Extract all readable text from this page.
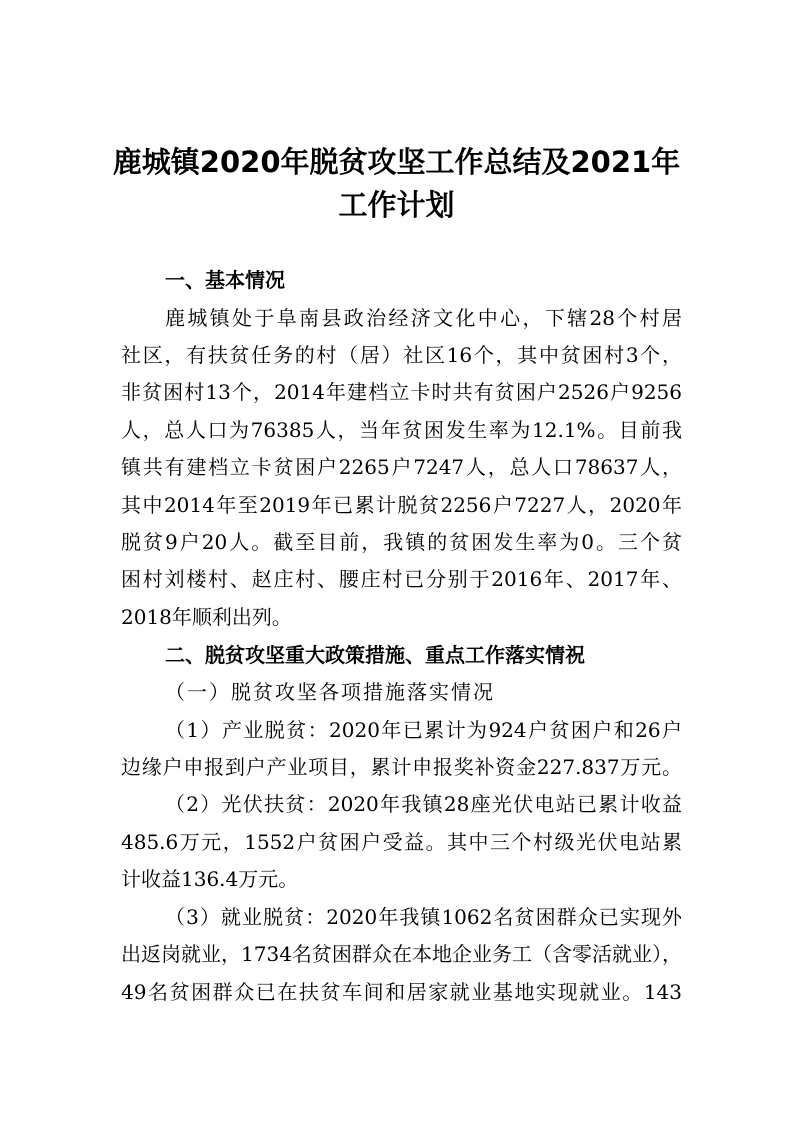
鹿城镇2020年脱贫攻坚工作总结及2021年
工作计划
一、基本情况
鹿城镇处于阜南县政治经济文化中心，下辖28个村居
社区，有扶贫任务的村（居）社区16个，其中贫困村3个，
非贫困村13个，2014年建档立卡时共有贫困户2526户9256
人，总人口为76385人，当年贫困发生率为12.1%。目前我
镇共有建档立卡贫困户2265户7247人，总人口78637人，
其中2014年至2019年已累计脱贫2256户7227人，2020年
脱贫9户20人。截至目前，我镇的贫困发生率为0。三个贫
困村刘楼村、赵庄村、腰庄村已分别于2016年、2017年、
2018年顺利出列。
二、脱贫攻坚重大政策措施、重点工作落实情祝
（一）脱贫攻坚各项措施落实情况
（1）产业脱贫：2020年已累计为924户贫困户和26户
边缘户申报到户产业项目，累计申报奖补资金227.837万元。
（2）光伏扶贫：2020年我镇28座光伏电站已累计收益
485.6万元，1552户贫困户受益。其中三个村级光伏电站累
计收益136.4万元。
（3）就业脱贫：2020年我镇1062名贫困群众已实现外
出返岗就业，1734名贫困群众在本地企业务工（含零活就业），
49名贫困群众已在扶贫车间和居家就业基地实现就业。143
